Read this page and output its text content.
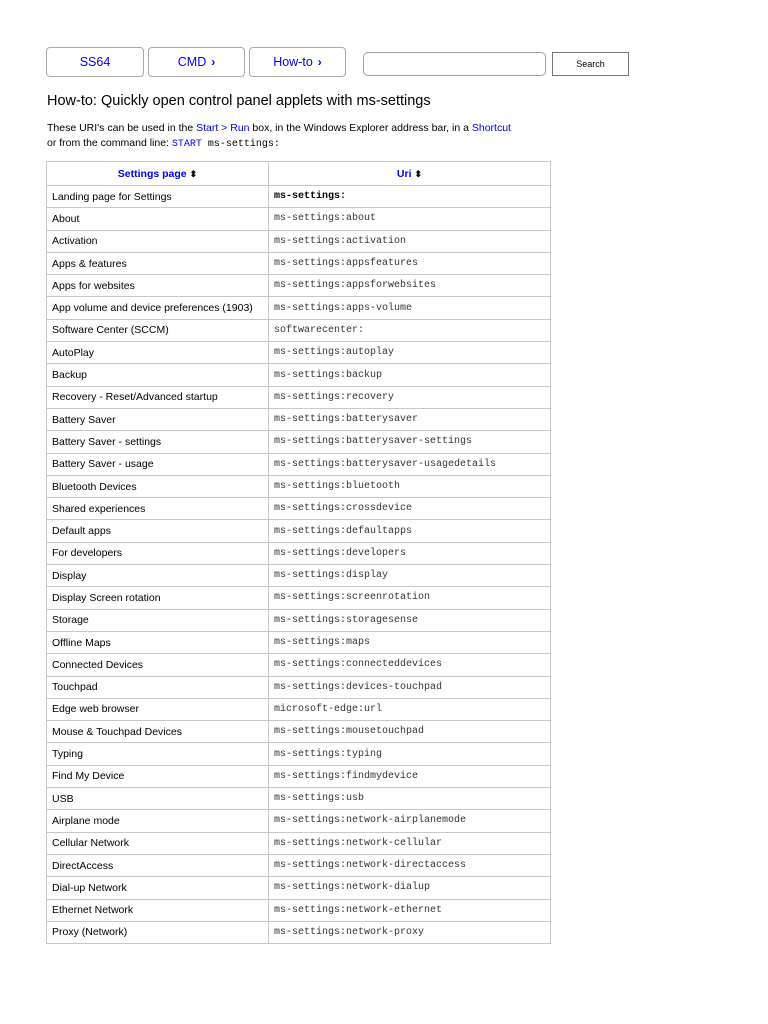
SS64	CMD ›	How-to ›	Search
How-to: Quickly open control panel applets with ms-settings
These URI's can be used in the Start > Run box, in the Windows Explorer address bar, in a Shortcut
or from the command line: START ms-settings:
Settings page ⬍	Uri ⬍
Landing page for Settings	ms-settings:
About	ms-settings:about
Activation	ms-settings:activation
Apps & features	ms-settings:appsfeatures
Apps for websites	ms-settings:appsforwebsites
App volume and device preferences (1903)	ms-settings:apps-volume
Software Center (SCCM)	softwarecenter:
AutoPlay	ms-settings:autoplay
Backup	ms-settings:backup
Recovery - Reset/Advanced startup	ms-settings:recovery
Battery Saver	ms-settings:batterysaver
Battery Saver - settings	ms-settings:batterysaver-settings
Battery Saver - usage	ms-settings:batterysaver-usagedetails
Bluetooth Devices	ms-settings:bluetooth
Shared experiences	ms-settings:crossdevice
Default apps	ms-settings:defaultapps
For developers	ms-settings:developers
Display	ms-settings:display
Display Screen rotation	ms-settings:screenrotation
Storage	ms-settings:storagesense
Offline Maps	ms-settings:maps
Connected Devices	ms-settings:connecteddevices
Touchpad	ms-settings:devices-touchpad
Edge web browser	microsoft-edge:url
Mouse & Touchpad Devices	ms-settings:mousetouchpad
Typing	ms-settings:typing
Find My Device	ms-settings:findmydevice
USB	ms-settings:usb
Airplane mode	ms-settings:network-airplanemode
Cellular Network	ms-settings:network-cellular
DirectAccess	ms-settings:network-directaccess
Dial-up Network	ms-settings:network-dialup
Ethernet Network	ms-settings:network-ethernet
Proxy (Network)	ms-settings:network-proxy
